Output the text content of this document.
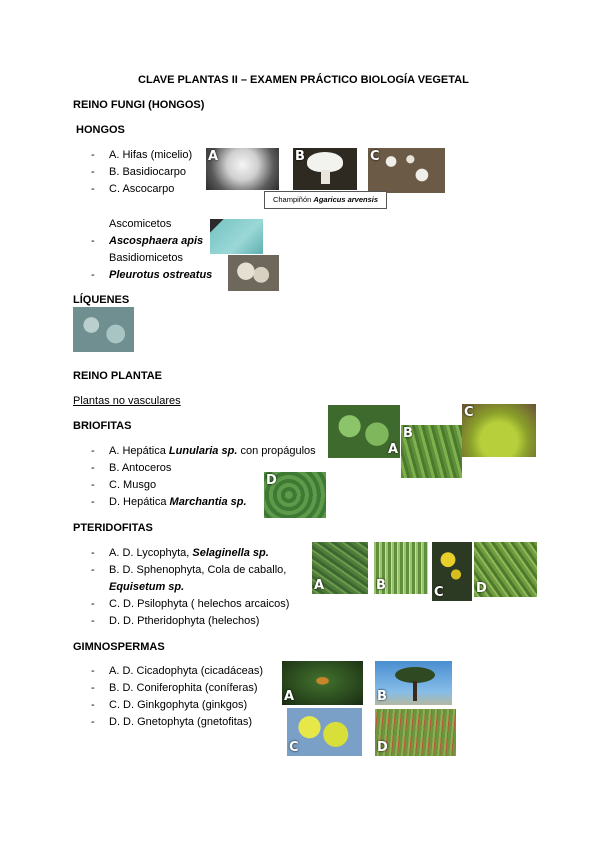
CLAVE PLANTAS II – EXAMEN PRÁCTICO BIOLOGÍA VEGETAL
REINO FUNGI (HONGOS)
HONGOS
- A. Hifas (micelio)
- B. Basidiocarpo
- C. Ascocarpo
A	B	C
Champiñón Agaricus arvensis
Ascomicetos
- Ascosphaera apis
Basidiomicetos
- Pleurotus ostreatus
LÍQUENES
REINO PLANTAE
Plantas no vasculares
BRIOFITAS
- A. Hepática Lunularia sp. con propágulos
- B. Antoceros
- C. Musgo
- D. Hepática Marchantia sp.
A
B
C
D
PTERIDOFITAS
- A. D. Lycophyta, Selaginella sp.
- B. D. Sphenophyta, Cola de caballo,
Equisetum sp.
- C. D. Psilophyta ( helechos arcaicos)
- D. D. Ptheridophyta (helechos)
A	B	C D
GIMNOSPERMAS
- A. D. Cicadophyta (cicadáceas)
- B. D. Coniferophita (coníferas)
- C. D. Ginkgophyta (ginkgos)
- D. D. Gnetophyta (gnetofitas)
A	B
C	D
